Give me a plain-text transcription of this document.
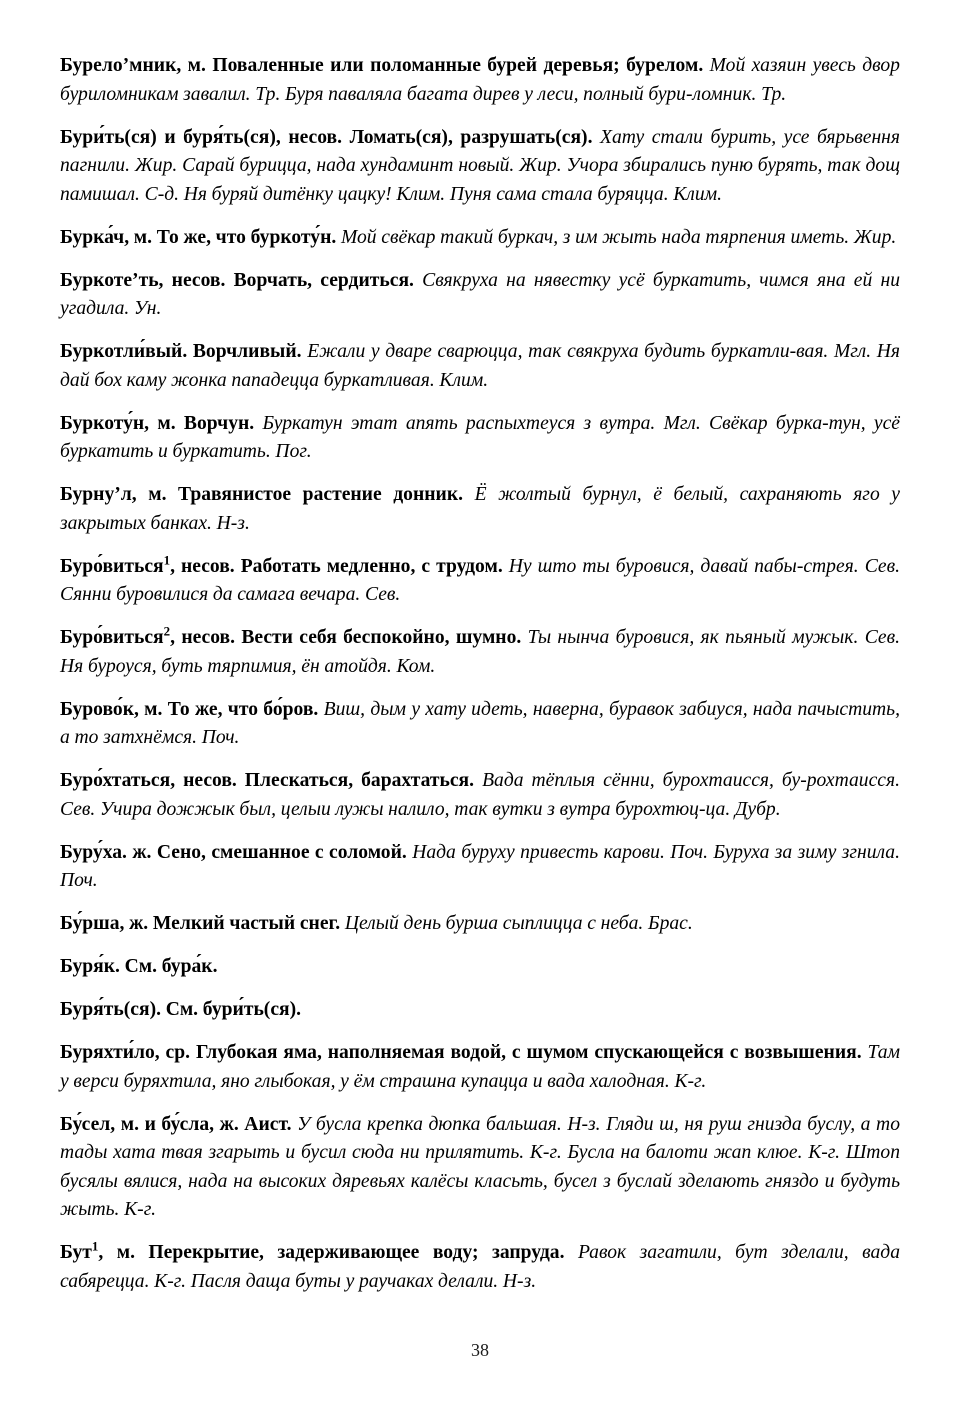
Бурело’мник, м. Поваленные или поломанные бурей деревья; бурелом. Мой хазяин увесь двор буриломникам завалил. Тр. Буря паваляла багата дирев у леси, полный бури-ломник. Тр.

Бури́ть(ся) и буря́ть(ся), несов. Ломать(ся), разрушать(ся). Хату стали бурить, усе бярьвення пагнили. Жир. Сарай бурицца, нада хундаминт новый. Жир. Учора збирались пуню бурять, так дощ памишал. С-д. Ня буряй дитёнку цацку! Клим. Пуня сама стала буряцца. Клим.

Бурка́ч, м. То же, что буркоту́н. Мой свёкар такий буркач, з им жыть нада тярпения иметь. Жир.

Буркоте’ть, несов. Ворчать, сердиться. Свякруха на нявестку усё буркатить, чимся яна ей ни угадила. Ун.

Буркотли́вый. Ворчливый. Ежали у дваре сварюцца, так свякруха будить буркатли-вая. Мгл. Ня дай бох каму жонка пападецца буркатливая. Клим.

Буркоту́н, м. Ворчун. Буркатун этат апять распыхтеуся з вутра. Мгл. Свёкар бурка-тун, усё буркатить и буркатить. Пог.

Бурну’л, м. Травянистое растение донник. Ё жолтый бурнул, ё белый, сахраняють яго у закрытых банках. Н-з.

Буро́виться$^1$, несов. Работать медленно, с трудом. Ну што ты буровися, давай пабы-стрея. Сев. Сянни буровилися да самага вечара. Сев.

Буро́виться$^2$, несов. Вести себя беспокойно, шумно. Ты нынча буровися, як пьяный мужык. Сев. Ня буроуся, буть тярпимия, ён атойдя. Ком.

Бурово́к, м. То же, что бо́ров. Виш, дым у хату идеть, наверна, буравок забиуся, нада пачыстить, а то затхнёмся. Поч.

Буро́хтаться, несов. Плескаться, барахтаться. Вада тёплыя сённи, бурохтаисся, бу-рохтаисся. Сев. Учира дожжык был, целыи лужы налило, так вутки з вутра бурохтюц-ца. Дубр.

Буру́ха. ж. Сено, смешанное с соломой. Нада буруху привесть карови. Поч. Буруха за зиму згнила. Поч.

Бу́рша, ж. Мелкий частый снег. Целый день бурша сыплицца с неба. Брас.

Буря́к. См. бура́к.

Буря́ть(ся). См. бури́ть(ся).

Буряхти́ло, ср. Глубокая яма, наполняемая водой, с шумом спускающейся с возвышения. Там у верси буряхтила, яно глыбокая, у ём страшна купацца и вада халодная. К-г.

Бу́сел, м. и бу́сла, ж. Аист. У бусла крепка дюпка бальшая. Н-з. Гляди ш, ня руш гнизда буслу, а то тады хата твая згарыть и бусил сюда ни прилятить. К-г. Бусла на балоти жап клюе. К-г. Штоп бусялы вялися, нада на высоких дяревьях калёсы класьть, бусел з буслай зделають гняздо и будуть жыть. К-г.

Бут$^1$, м. Перекрытие, задерживающее воду; запруда. Равок загатили, бут зделали, вада сабярецца. К-г. Пасля даща буты у раучаках делали. Н-з.

38
